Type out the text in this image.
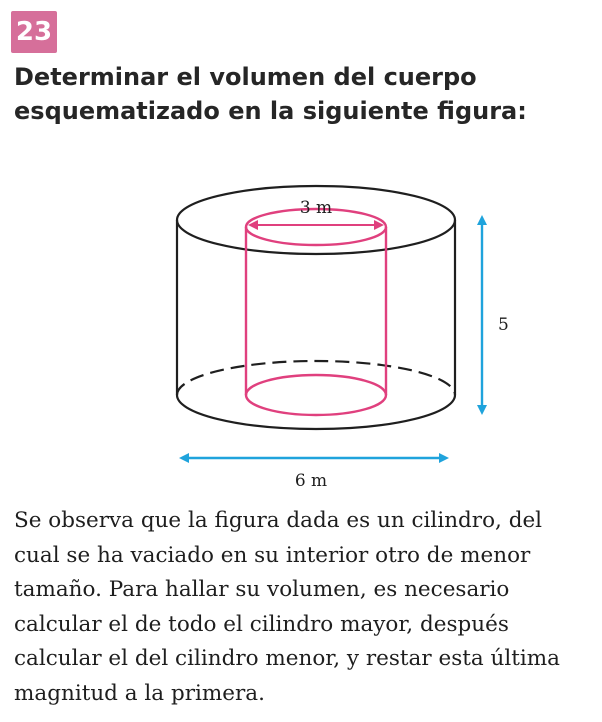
23
Determinar el volumen del cuerpo
esquematizado en la siguiente figura:
3 m
5
6 m
Se observa que la figura dada es un cilindro, del
cual se ha vaciado en su interior otro de menor
tamaño. Para hallar su volumen, es necesario
calcular el de todo el cilindro mayor, después
calcular el del cilindro menor, y restar esta última
magnitud a la primera.
